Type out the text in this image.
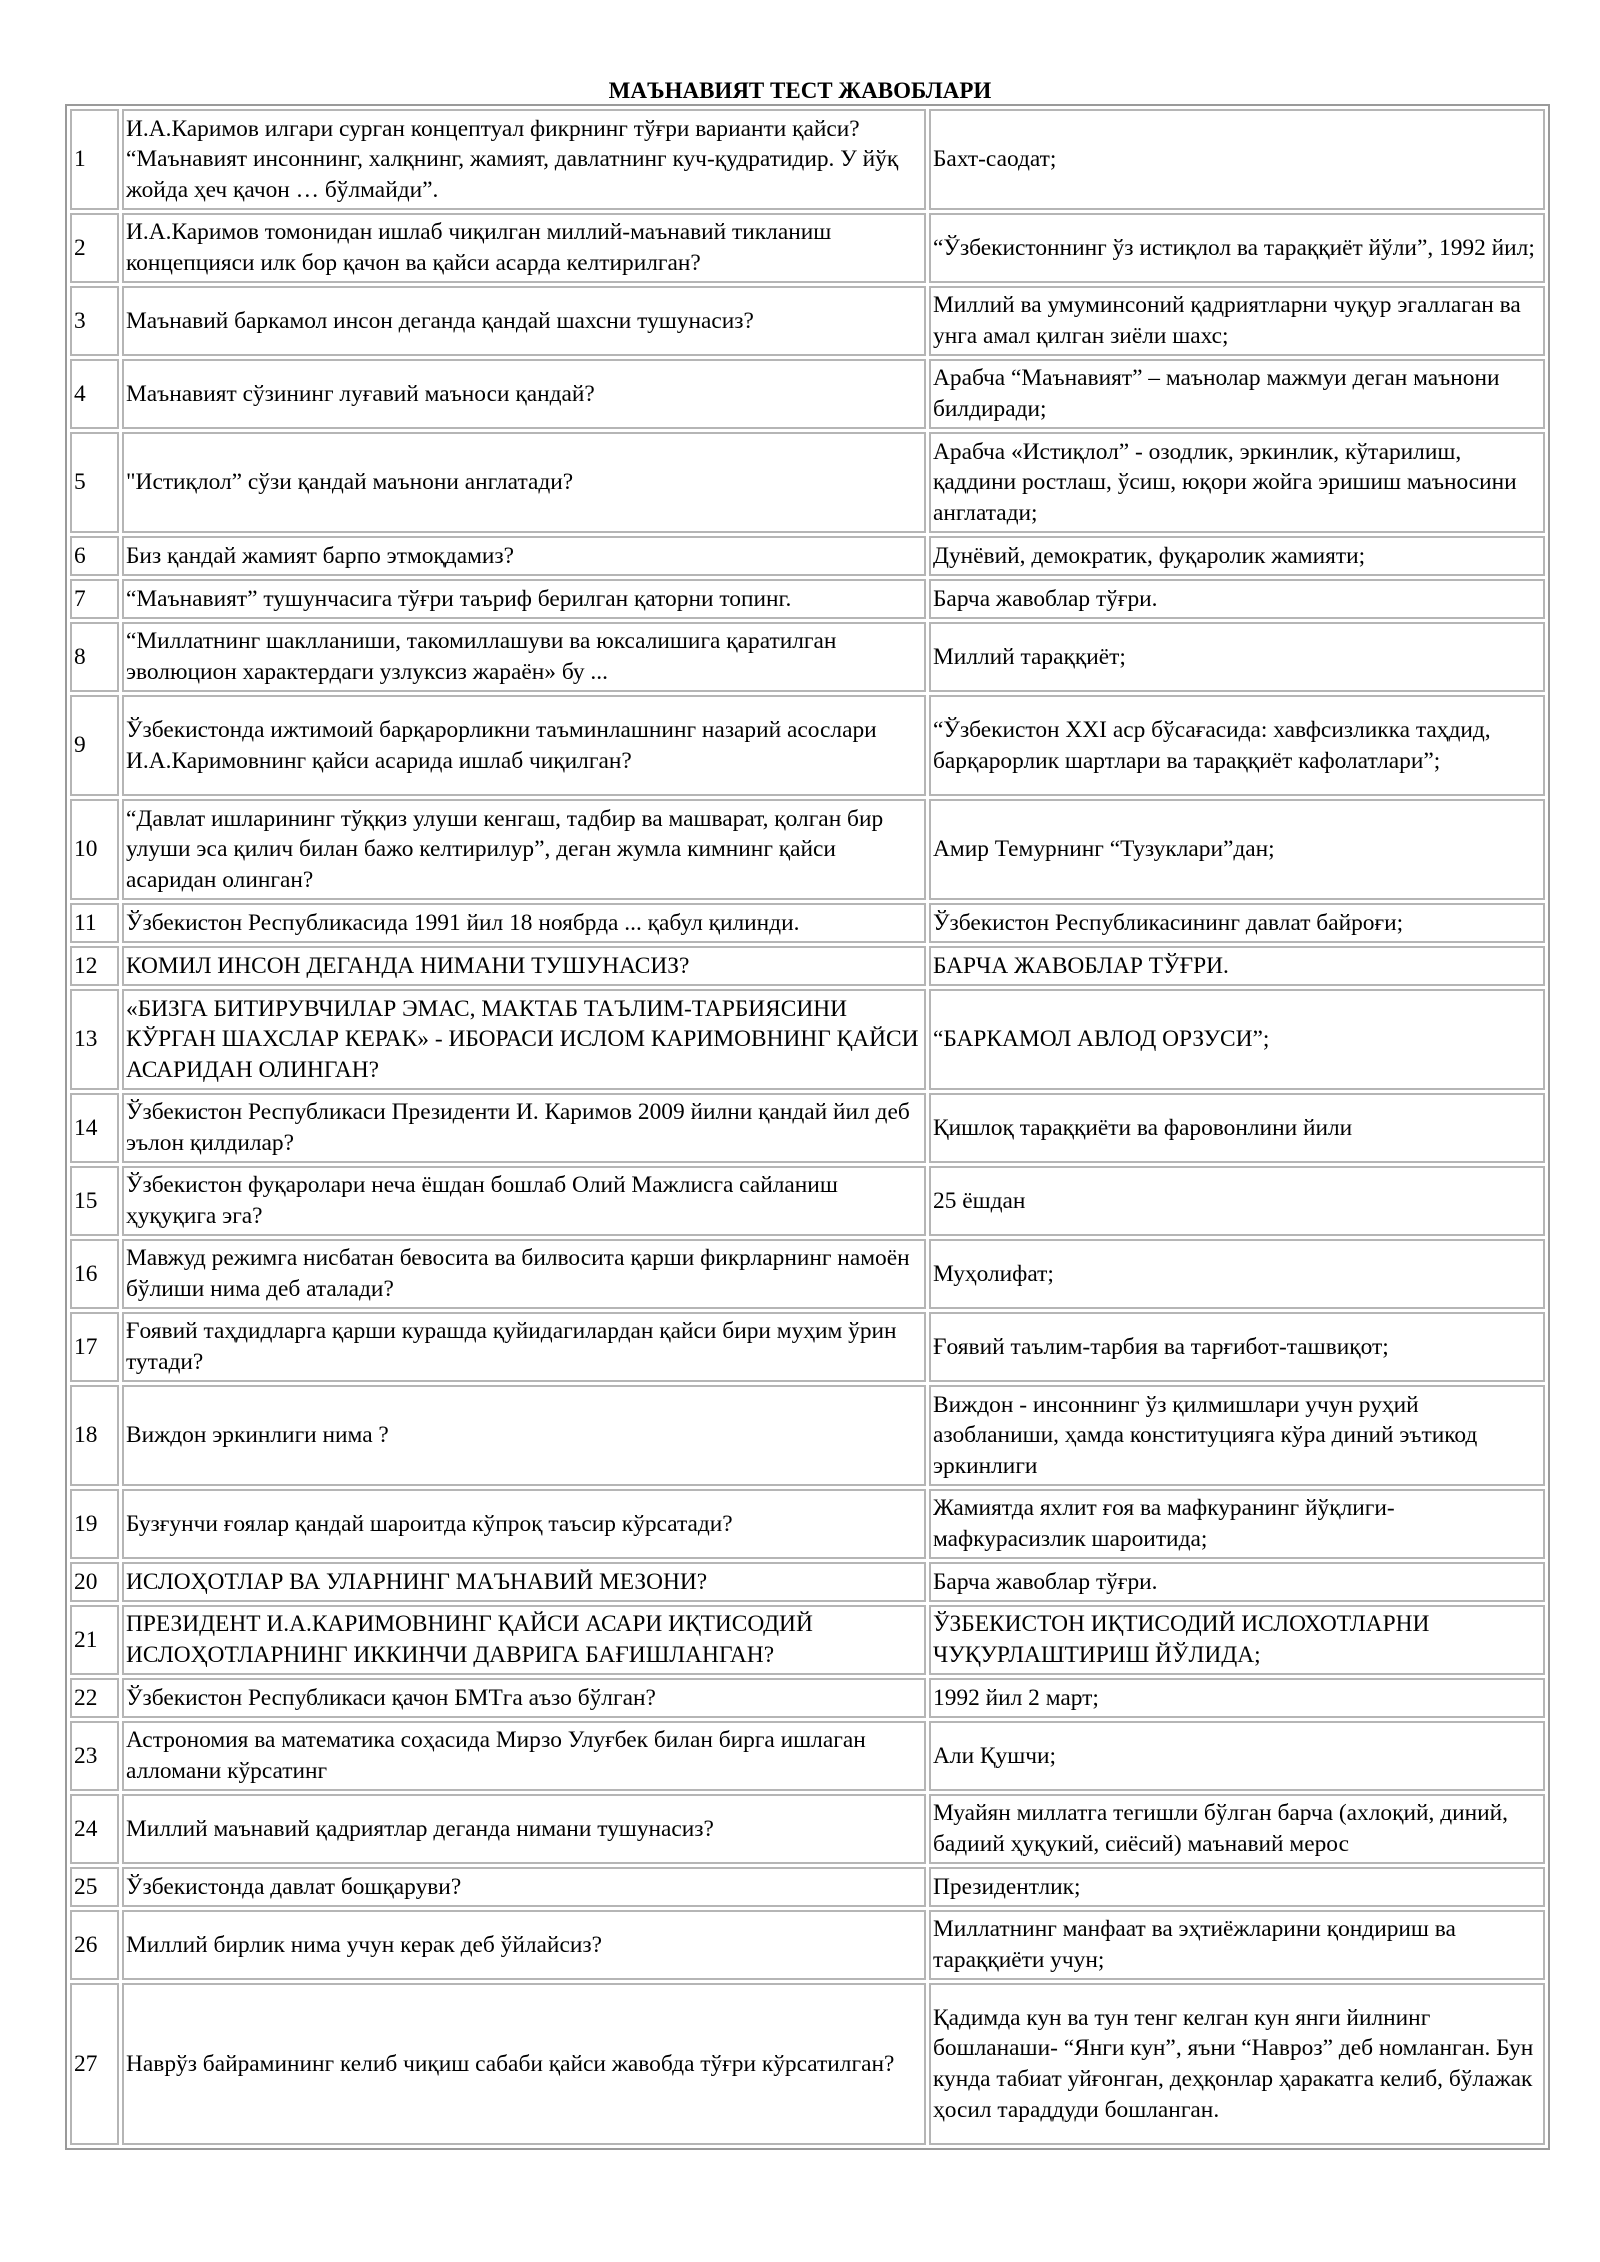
МАЪНАВИЯТ ТЕСТ ЖАВОБЛАРИ
1	И.А.Каримов илгари сурган концептуал фикрнинг тўғри варианти қайси? “Маънавият инсоннинг, халқнинг, жамият, давлатнинг куч-қудратидир. У йўқ жойда ҳеч қачон … бўлмайди”.	Бахт-саодат;
2	И.А.Каримов томонидан ишлаб чиқилган миллий-маънавий тикланиш концепцияси илк бор қачон ва қайси асарда келтирилган?	“Ўзбекистоннинг ўз истиқлол ва тараққиёт йўли”, 1992 йил;
3	Маънавий баркамол инсон деганда қандай шахсни тушунасиз?	Миллий ва умуминсоний қадриятларни чуқур эгаллаган ва унга амал қилган зиёли шахс;
4	Маънавият сўзининг луғавий маъноси қандай?	Арабча “Маънавият” – маънолар мажмуи деган маънони билдиради;
5	"Истиқлол” сўзи қандай маънони англатади?	Арабча «Истиқлол” - озодлик, эркинлик, кўтарилиш, қаддини ростлаш, ўсиш, юқори жойга эришиш маъносини англатади;
6	Биз қандай жамият барпо этмоқдамиз?	Дунёвий, демократик, фуқаролик жамияти;
7	“Маънавият” тушунчасига тўғри таъриф берилган қаторни топинг.	Барча жавоблар тўғри.
8	“Миллатнинг шаклланиши, такомиллашуви ва юксалишига қаратилган эволюцион характердаги узлуксиз жараён» бу ...	Миллий тараққиёт;
9	Ўзбекистонда ижтимоий барқарорликни таъминлашнинг назарий асослари И.А.Каримовнинг қайси асарида ишлаб чиқилган?	“Ўзбекистон XXI аср бўсағасида: хавфсизликка таҳдид, барқарорлик шартлари ва тараққиёт кафолатлари”;
10	“Давлат ишларининг тўққиз улуши кенгаш, тадбир ва машварат, қолган бир улуши эса қилич билан бажо келтирилур”, деган жумла кимнинг қайси асаридан олинган?	Амир Темурнинг “Тузуклари”дан;
11	Ўзбекистон Республикасида 1991 йил 18 ноябрда ... қабул қилинди.	Ўзбекистон Республикасининг давлат байроғи;
12	КОМИЛ ИНСОН ДЕГАНДА НИМАНИ ТУШУНАСИЗ?	БАРЧА ЖАВОБЛАР ТЎҒРИ.
13	«БИЗГА БИТИРУВЧИЛАР ЭМАС, МАКТАБ ТАЪЛИМ-ТАРБИЯСИНИ КЎРГАН ШАХСЛАР КЕРАК» - ИБОРАСИ ИСЛОМ КАРИМОВНИНГ ҚАЙСИ АСАРИДАН ОЛИНГАН?	“БАРКАМОЛ АВЛОД ОРЗУСИ”;
14	Ўзбекистон Республикаси Президенти И. Каримов 2009 йилни қандай йил деб эълон қилдилар?	Қишлоқ тараққиёти ва фаровонлини йили
15	Ўзбекистон фуқаролари неча ёшдан бошлаб Олий Мажлисга сайланиш ҳуқуқига эга?	25 ёшдан
16	Мавжуд режимга нисбатан бевосита ва билвосита қарши фикрларнинг намоён бўлиши нима деб аталади?	Муҳолифат;
17	Ғоявий таҳдидларга қарши курашда қуйидагилардан қайси бири муҳим ўрин тутади?	Ғоявий таълим-тарбия ва тарғибот-ташвиқот;
18	Виждон эркинлиги нима ?	Виждон - инсоннинг ўз қилмишлари учун руҳий азобланиши, ҳамда конституцияга кўра диний эътикод эркинлиги
19	Бузғунчи ғоялар қандай шароитда кўпроқ таъсир кўрсатади?	Жамиятда яхлит ғоя ва мафкуранинг йўқлиги-мафкурасизлик шароитида;
20	ИСЛОҲОТЛАР ВА УЛАРНИНГ МАЪНАВИЙ МЕЗОНИ?	Барча жавоблар тўғри.
21	ПРЕЗИДЕНТ И.А.КАРИМОВНИНГ ҚАЙСИ АСАРИ ИҚТИСОДИЙ ИСЛОҲОТЛАРНИНГ ИККИНЧИ ДАВРИГА БАҒИШЛАНГАН?	ЎЗБЕКИСТОН ИҚТИСОДИЙ ИСЛОХОТЛАРНИ ЧУҚУРЛАШТИРИШ ЙЎЛИДА;
22	Ўзбекистон Республикаси қачон БМТга аъзо бўлган?	1992 йил 2 март;
23	Астрономия ва математика соҳасида Мирзо Улуғбек билан бирга ишлаган алломани кўрсатинг	Али Қушчи;
24	Миллий маънавий қадриятлар деганда нимани тушунасиз?	Муайян миллатга тегишли бўлган барча (ахлоқий, диний, бадиий ҳуқукий, сиёсий) маънавий мерос
25	Ўзбекистонда давлат бошқаруви?	Президентлик;
26	Миллий бирлик нима учун керак деб ўйлайсиз?	Миллатнинг манфаат ва эҳтиёжларини қондириш ва тараққиёти учун;
27	Наврўз байрамининг келиб чиқиш сабаби қайси жавобда тўғри кўрсатилган?	Қадимда кун ва тун тенг келган кун янги йилнинг бошланаши- “Янги кун”, яъни “Навроз” деб номланган. Бун кунда табиат уйғонган, деҳқонлар ҳаракатга келиб, бўлажак ҳосил тараддуди бошланган.
